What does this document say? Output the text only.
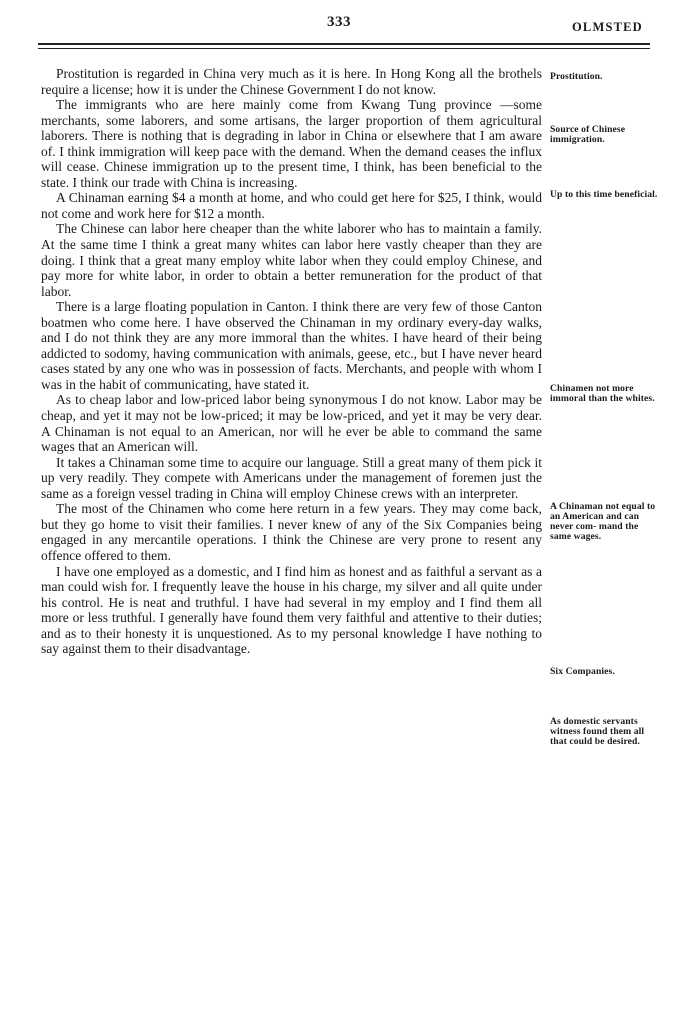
333	OLMSTED

Prostitution is regarded in China very much as it is here. In Hong Kong all the brothels require a license; how it is under the Chinese Government I do not know.

The immigrants who are here mainly come from Kwang Tung province —some merchants, some laborers, and some artisans, the larger proportion of them agricultural laborers. There is nothing that is degrading in labor in China or elsewhere that I am aware of. I think immigration will keep pace with the demand. When the demand ceases the influx will cease. Chinese immigration up to the present time, I think, has been beneficial to the state. I think our trade with China is increasing.

A Chinaman earning $4 a month at home, and who could get here for $25, I think, would not come and work here for $12 a month.

The Chinese can labor here cheaper than the white laborer who has to maintain a family. At the same time I think a great many whites can labor here vastly cheaper than they are doing. I think that a great many employ white labor when they could employ Chinese, and pay more for white labor, in order to obtain a better remuneration for the product of that labor.

There is a large floating population in Canton. I think there are very few of those Canton boatmen who come here. I have observed the Chinaman in my ordinary every-day walks, and I do not think they are any more immoral than the whites. I have heard of their being addicted to sodomy, having communication with animals, geese, etc., but I have never heard cases stated by any one who was in possession of facts. Merchants, and people with whom I was in the habit of communicating, have stated it.

As to cheap labor and low-priced labor being synonymous I do not know. Labor may be cheap, and yet it may not be low-priced; it may be low-priced, and yet it may be very dear. A Chinaman is not equal to an American, nor will he ever be able to command the same wages that an American will.

It takes a Chinaman some time to acquire our language. Still a great many of them pick it up very readily. They compete with Americans under the management of foremen just the same as a foreign vessel trading in China will employ Chinese crews with an interpreter.

The most of the Chinamen who come here return in a few years. They may come back, but they go home to visit their families. I never knew of any of the Six Companies being engaged in any mercantile operations. I think the Chinese are very prone to resent any offence offered to them.

I have one employed as a domestic, and I find him as honest and as faithful a servant as a man could wish for. I frequently leave the house in his charge, my silver and all quite under his control. He is neat and truthful. I have had several in my employ and I find them all more or less truthful. I generally have found them very faithful and attentive to their duties; and as to their honesty it is unquestioned. As to my personal knowledge I have nothing to say against them to their disadvantage.

Prostitution.
Source of Chinese immigration.
Up to this time beneficial.
Chinamen not more immoral than the whites.
A Chinaman not equal to an American and can never com- mand the same wages.
Six Companies.
As domestic servants witness found them all that could be desired.
